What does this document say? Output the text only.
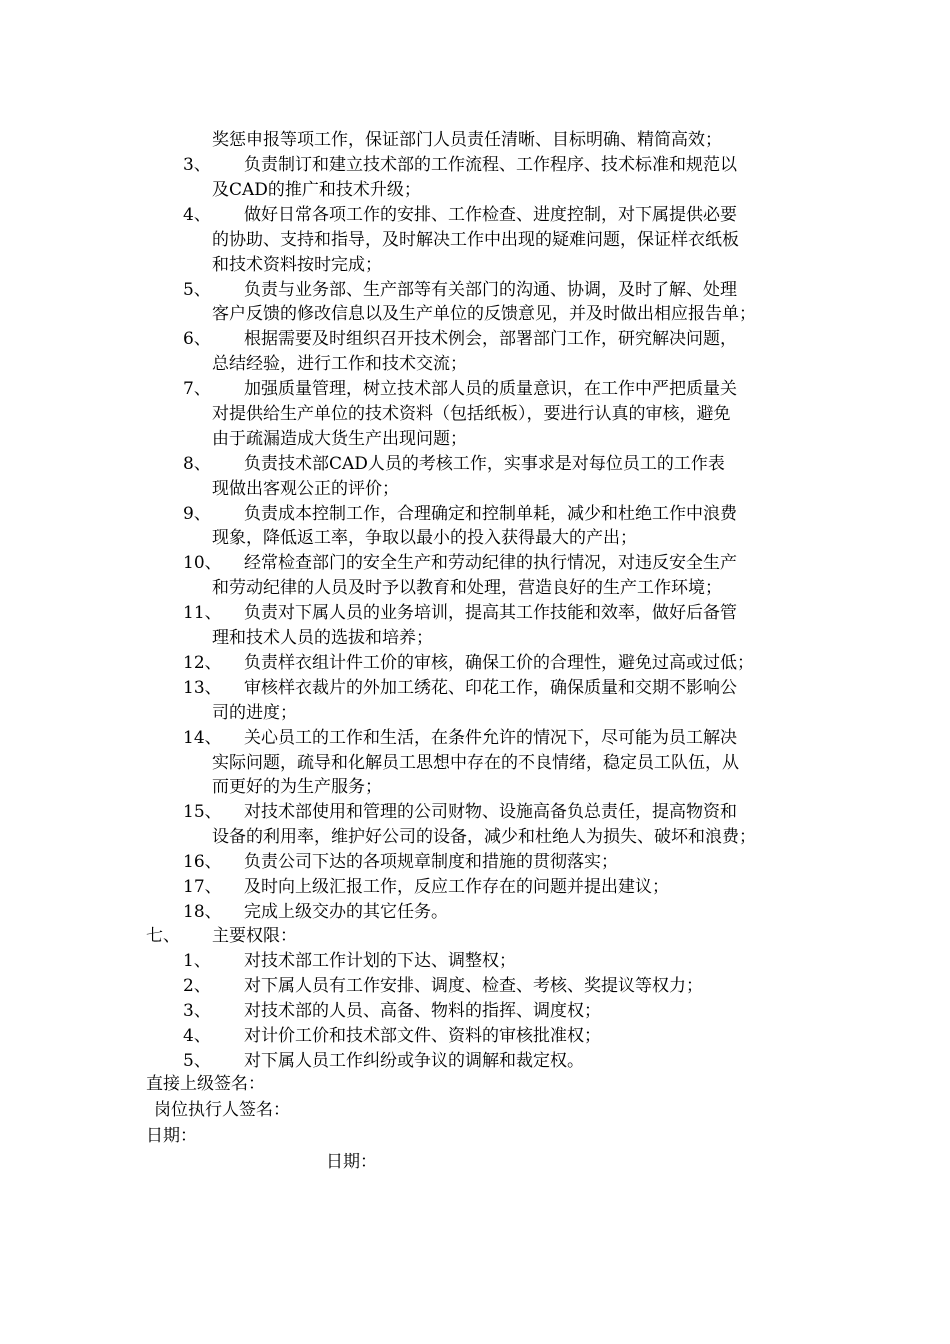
奖惩申报等项工作，保证部门人员责任清晰、目标明确、精简高效；
3、 负责制订和建立技术部的工作流程、工作程序、技术标准和规范以
及CAD的推广和技术升级；
4、 做好日常各项工作的安排、工作检查、进度控制，对下属提供必要
的协助、支持和指导，及时解决工作中出现的疑难问题，保证样衣纸板
和技术资料按时完成；
5、 负责与业务部、生产部等有关部门的沟通、协调，及时了解、处理
客户反馈的修改信息以及生产单位的反馈意见，并及时做出相应报告单；
6、 根据需要及时组织召开技术例会，部署部门工作，研究解决问题，
总结经验，进行工作和技术交流；
7、 加强质量管理，树立技术部人员的质量意识，在工作中严把质量关
对提供给生产单位的技术资料（包括纸板），要进行认真的审核，避免
由于疏漏造成大货生产出现问题；
8、 负责技术部CAD人员的考核工作，实事求是对每位员工的工作表
现做出客观公正的评价；
9、 负责成本控制工作，合理确定和控制单耗，减少和杜绝工作中浪费
现象，降低返工率，争取以最小的投入获得最大的产出；
10、 经常检查部门的安全生产和劳动纪律的执行情况，对违反安全生产
和劳动纪律的人员及时予以教育和处理，营造良好的生产工作环境；
11、 负责对下属人员的业务培训，提高其工作技能和效率，做好后备管
理和技术人员的选拔和培养；
12、 负责样衣组计件工价的审核，确保工价的合理性，避免过高或过低；
13、 审核样衣裁片的外加工绣花、印花工作，确保质量和交期不影响公
司的进度；
14、 关心员工的工作和生活，在条件允许的情况下，尽可能为员工解决
实际问题，疏导和化解员工思想中存在的不良情绪，稳定员工队伍，从
而更好的为生产服务；
15、 对技术部使用和管理的公司财物、设施高备负总责任，提高物资和
设备的利用率，维护好公司的设备，减少和杜绝人为损失、破坏和浪费；
16、 负责公司下达的各项规章制度和措施的贯彻落实；
17、 及时向上级汇报工作，反应工作存在的问题并提出建议；
18、 完成上级交办的其它任务。
七、 主要权限：
1、 对技术部工作计划的下达、调整权；
2、 对下属人员有工作安排、调度、检查、考核、奖提议等权力；
3、 对技术部的人员、高备、物料的指挥、调度权；
4、 对计价工价和技术部文件、资料的审核批准权；
5、 对下属人员工作纠纷或争议的调解和裁定权。
直接上级签名：
岗位执行人签名：
日期：
日期：
